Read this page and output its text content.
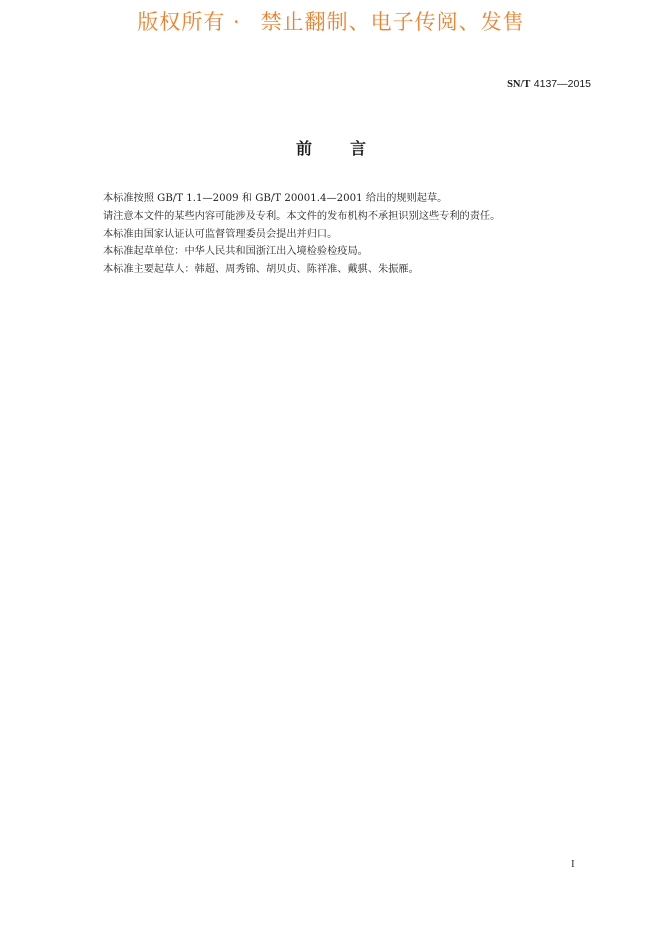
版权所有 · 禁止翻制、电子传阅、发售
SN/T 4137—2015
前言

本标准按照 GB/T 1.1—2009 和 GB/T 20001.4—2001 给出的规则起草。

请注意本文件的某些内容可能涉及专利。本文件的发布机构不承担识别这些专利的责任。

本标准由国家认证认可监督管理委员会提出并归口。

本标准起草单位：中华人民共和国浙江出入境检验检疫局。

本标准主要起草人：韩超、周秀锦、胡贝贞、陈祥准、戴骐、朱振雁。

I
